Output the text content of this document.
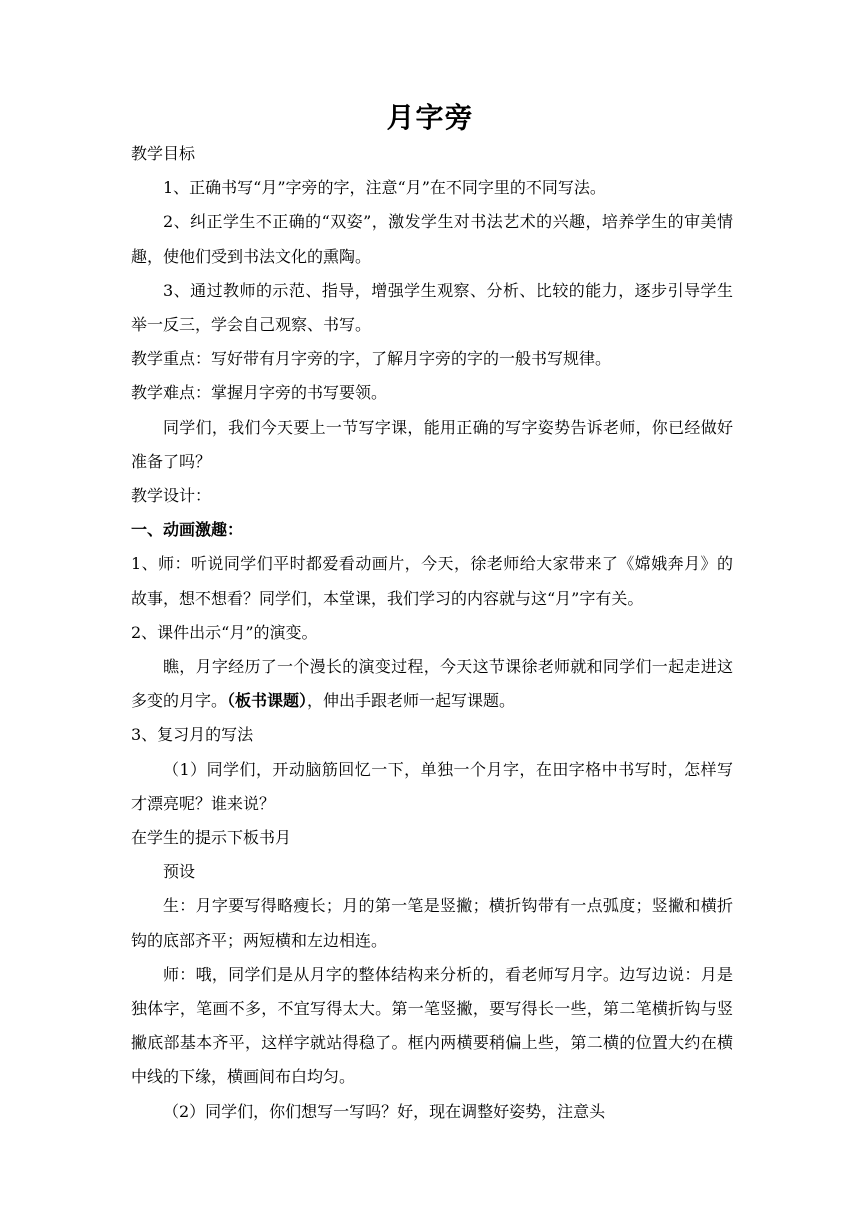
月字旁

教学目标

1、正确书写“月”字旁的字，注意“月”在不同字里的不同写法。

2、纠正学生不正确的“双姿”，激发学生对书法艺术的兴趣，培养学生的审美情趣，使他们受到书法文化的熏陶。

3、通过教师的示范、指导，增强学生观察、分析、比较的能力，逐步引导学生举一反三，学会自己观察、书写。

教学重点：写好带有月字旁的字，了解月字旁的字的一般书写规律。

教学难点：掌握月字旁的书写要领。

同学们，我们今天要上一节写字课，能用正确的写字姿势告诉老师，你已经做好准备了吗？

教学设计：

一、动画激趣：

1、师：听说同学们平时都爱看动画片，今天，徐老师给大家带来了《嫦娥奔月》的故事，想不想看？同学们，本堂课，我们学习的内容就与这“月”字有关。

2、课件出示“月”的演变。

瞧，月字经历了一个漫长的演变过程，今天这节课徐老师就和同学们一起走进这多变的月字。（板书课题），伸出手跟老师一起写课题。

3、复习月的写法

（1）同学们，开动脑筋回忆一下，单独一个月字，在田字格中书写时，怎样写才漂亮呢？谁来说？

在学生的提示下板书月

预设

生：月字要写得略瘦长；月的第一笔是竖撇；横折钩带有一点弧度；竖撇和横折钩的底部齐平；两短横和左边相连。

师：哦，同学们是从月字的整体结构来分析的，看老师写月字。边写边说：月是独体字，笔画不多，不宜写得太大。第一笔竖撇，要写得长一些，第二笔横折钩与竖撇底部基本齐平，这样字就站得稳了。框内两横要稍偏上些，第二横的位置大约在横中线的下缘，横画间布白均匀。

（2）同学们，你们想写一写吗？好，现在调整好姿势，注意头
